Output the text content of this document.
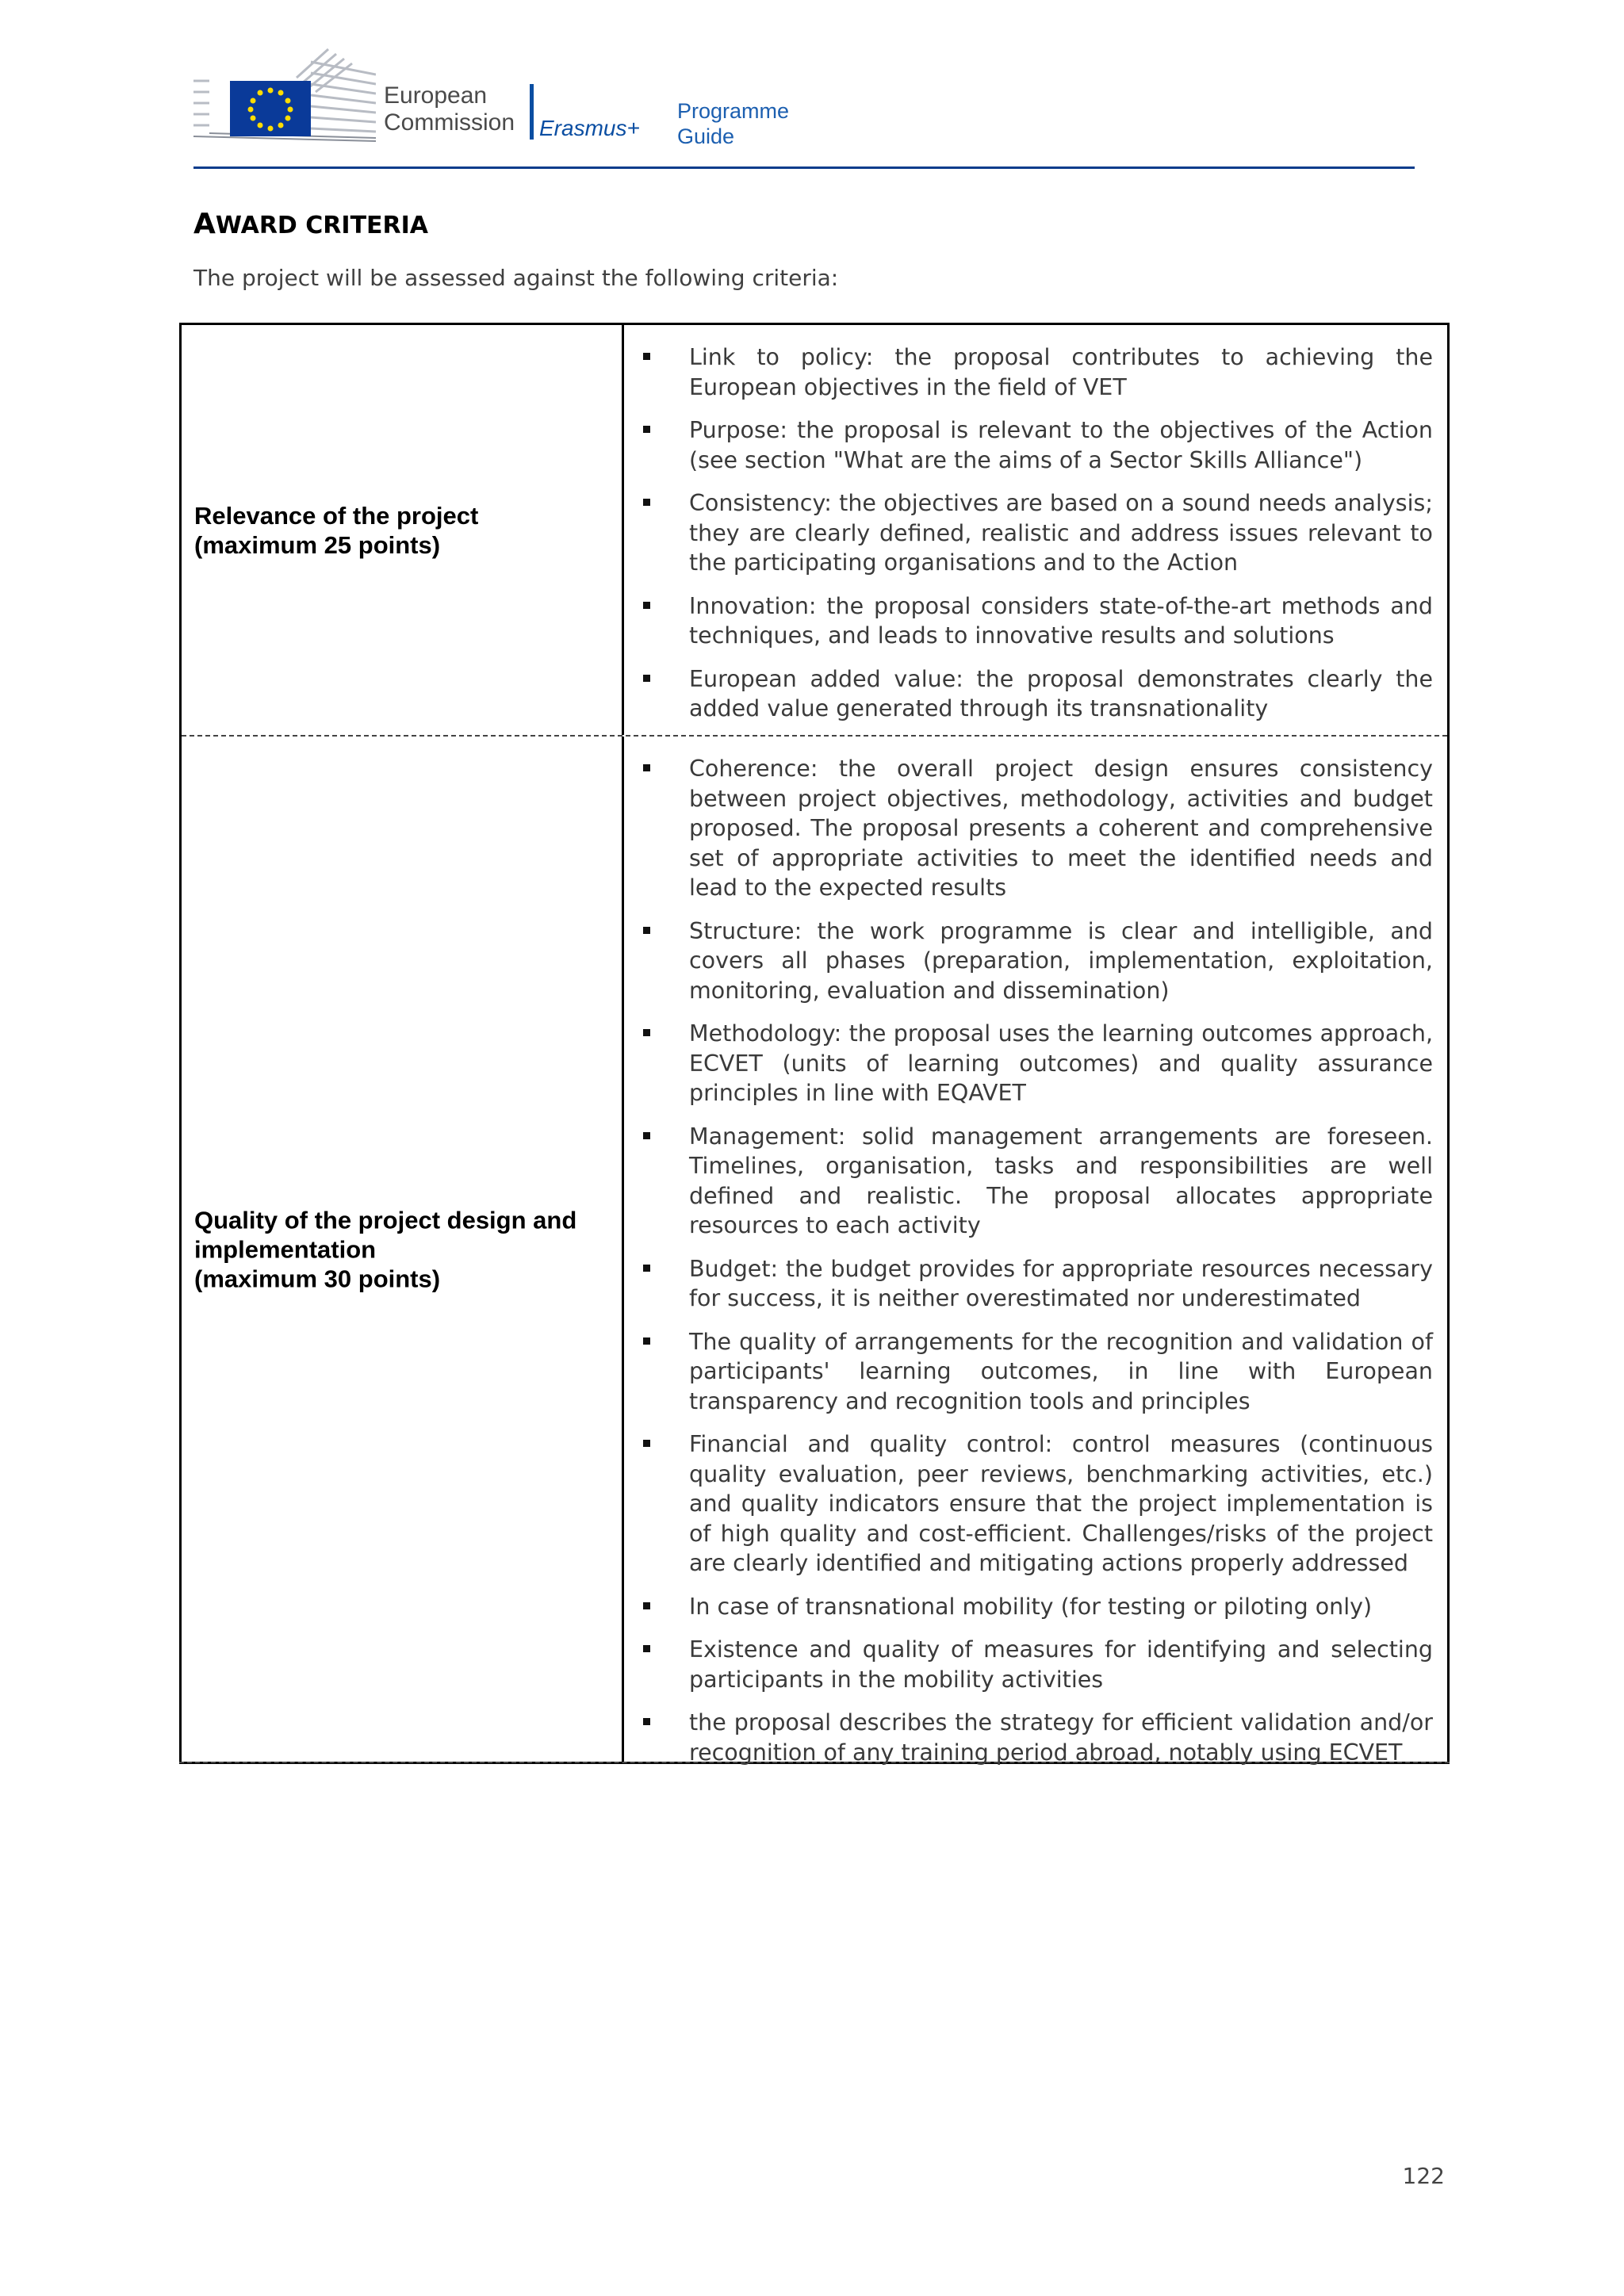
European
Commission Erasmus+
Programme
Guide
AWARD CRITERIA
The project will be assessed against the following criteria:
Relevance of the project
(maximum 25 points)
Link to policy: the proposal contributes to achieving the European objectives in the field of VET
Purpose: the proposal is relevant to the objectives of the Action (see section "What are the aims of a Sector Skills Alliance")
Consistency: the objectives are based on a sound needs analysis; they are clearly defined, realistic and address issues relevant to the participating organisations and to the Action
Innovation: the proposal considers state-of-the-art methods and techniques, and leads to innovative results and solutions
European added value: the proposal demonstrates clearly the added value generated through its transnationality
Quality of the project design and
implementation
(maximum 30 points)
Coherence: the overall project design ensures consistency between project objectives, methodology, activities and budget proposed. The proposal presents a coherent and comprehensive set of appropriate activities to meet the identified needs and lead to the expected results
Structure: the work programme is clear and intelligible, and covers all phases (preparation, implementation, exploitation, monitoring, evaluation and dissemination)
Methodology: the proposal uses the learning outcomes approach, ECVET (units of learning outcomes) and quality assurance principles in line with EQAVET
Management: solid management arrangements are foreseen. Timelines, organisation, tasks and responsibilities are well defined and realistic. The proposal allocates appropriate resources to each activity
Budget: the budget provides for appropriate resources necessary for success, it is neither overestimated nor underestimated
The quality of arrangements for the recognition and validation of participants' learning outcomes, in line with European transparency and recognition tools and principles
Financial and quality control: control measures (continuous quality evaluation, peer reviews, benchmarking activities, etc.) and quality indicators ensure that the project implementation is of high quality and cost-efficient. Challenges/risks of the project are clearly identified and mitigating actions properly addressed
In case of transnational mobility (for testing or piloting only)
Existence and quality of measures for identifying and selecting participants in the mobility activities
the proposal describes the strategy for efficient validation and/or recognition of any training period abroad, notably using ECVET
122
